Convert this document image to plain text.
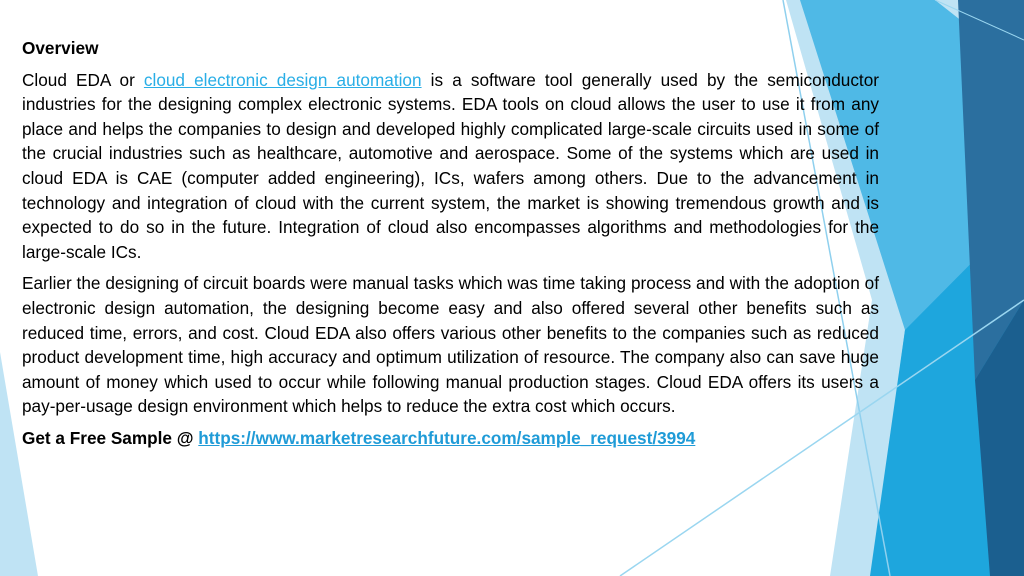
Overview

Cloud EDA or cloud electronic design automation is a software tool generally used by the semiconductor industries for the designing complex electronic systems. EDA tools on cloud allows the user to use it from any place and helps the companies to design and developed highly complicated large-scale circuits used in some of the crucial industries such as healthcare, automotive and aerospace. Some of the systems which are used in cloud EDA is CAE (computer added engineering), ICs, wafers among others. Due to the advancement in technology and integration of cloud with the current system, the market is showing tremendous growth and is expected to do so in the future. Integration of cloud also encompasses algorithms and methodologies for the large-scale ICs.

Earlier the designing of circuit boards were manual tasks which was time taking process and with the adoption of electronic design automation, the designing become easy and also offered several other benefits such as reduced time, errors, and cost. Cloud EDA also offers various other benefits to the companies such as reduced product development time, high accuracy and optimum utilization of resource. The company also can save huge amount of money which used to occur while following manual production stages. Cloud EDA offers its users a pay-per-usage design environment which helps to reduce the extra cost which occurs.

Get a Free Sample @ https://www.marketresearchfuture.com/sample_request/3994
